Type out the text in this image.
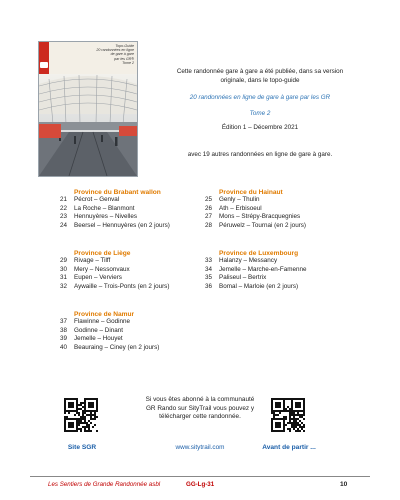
Topo-Guide
20 randonnées en ligne
de gare à gare
par les GR®
Tome 2
Cette randonnée gare à gare a été publiée, dans sa version
originale, dans le topo-guide
20 randonnées en ligne de gare à gare par les GR
Tome 2
Édition 1 – Décembre 2021
avec 19 autres randonnées en ligne de gare à gare.
Province du Brabant wallon
21	Pécrot – Genval
22	La Roche – Blanmont
23	Hennuyères – Nivelles
24	Beersel – Hennuyères (en 2 jours)
Province du Hainaut
25	Genly – Thulin
26	Ath – Erbisoeul
27	Mons – Strépy-Bracquegnies
28	Péruwelz – Tournai (en 2 jours)
Province de Liège
29	Rivage – Tilff
30	Mery – Nessonvaux
31	Eupen – Verviers
32	Aywaille – Trois-Ponts (en 2 jours)
Province de Luxembourg
33	Halanzy – Messancy
34	Jemelle – Marche-en-Famenne
35	Paliseul – Bertrix
36	Bomal – Marloie (en 2 jours)
Province de Namur
37	Flawinne – Godinne
38	Godinne – Dinant
39	Jemelle – Houyet
40	Beauraing – Ciney (en 2 jours)
Site SGR	Avant de partir ...
Si vous êtes abonné à la communauté GR Rando sur SityTrail vous pouvez y télécharger cette randonnée.
www.sitytrail.com
Les Sentiers de Grande Randonnée asbl	GG-Lg-31	10
